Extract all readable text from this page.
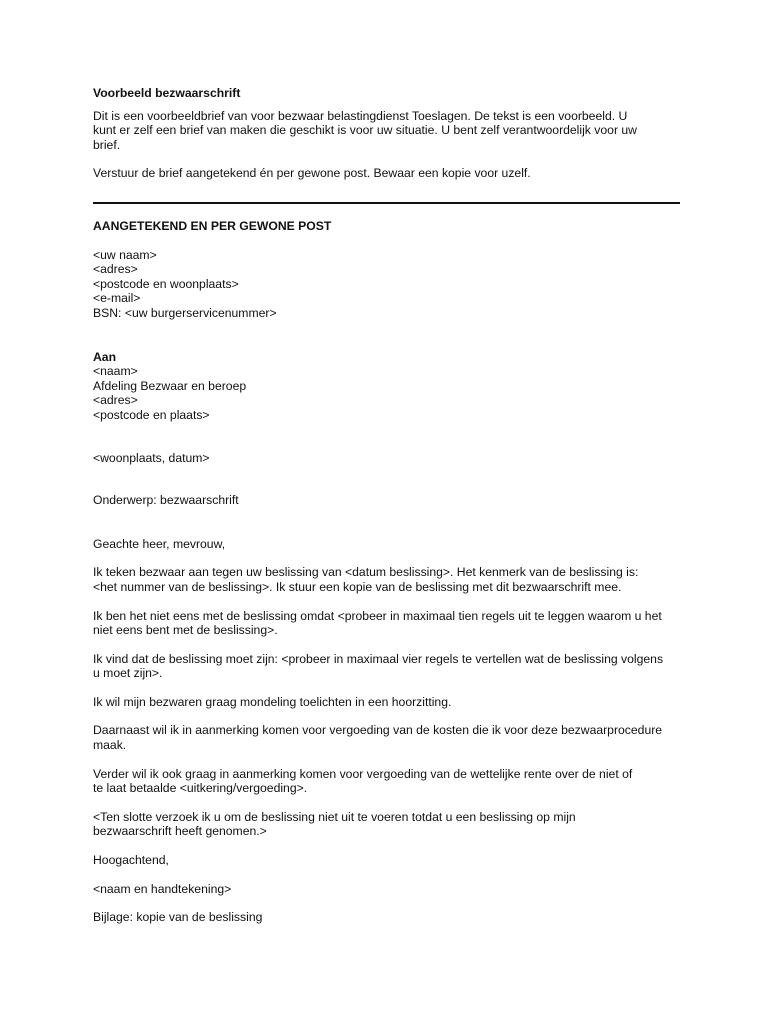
Voorbeeld bezwaarschrift

Dit is een voorbeeldbrief van voor bezwaar belastingdienst Toeslagen. De tekst is een voorbeeld. U
kunt er zelf een brief van maken die geschikt is voor uw situatie. U bent zelf verantwoordelijk voor uw
brief.

Verstuur de brief aangetekend én per gewone post. Bewaar een kopie voor uzelf.

AANGETEKEND EN PER GEWONE POST

<uw naam>
<adres>
<postcode en woonplaats>
<e-mail>
BSN: <uw burgerservicenummer>
Aan
<naam>
Afdeling Bezwaar en beroep
<adres>
<postcode en plaats>

<woonplaats, datum>

Onderwerp: bezwaarschrift

Geachte heer, mevrouw,

Ik teken bezwaar aan tegen uw beslissing van <datum beslissing>. Het kenmerk van de beslissing is:
<het nummer van de beslissing>. Ik stuur een kopie van de beslissing met dit bezwaarschrift mee.

Ik ben het niet eens met de beslissing omdat <probeer in maximaal tien regels uit te leggen waarom u het
niet eens bent met de beslissing>.

Ik vind dat de beslissing moet zijn: <probeer in maximaal vier regels te vertellen wat de beslissing volgens
u moet zijn>.

Ik wil mijn bezwaren graag mondeling toelichten in een hoorzitting.

Daarnaast wil ik in aanmerking komen voor vergoeding van de kosten die ik voor deze bezwaarprocedure
maak.

Verder wil ik ook graag in aanmerking komen voor vergoeding van de wettelijke rente over de niet of
te laat betaalde <uitkering/vergoeding>.

<Ten slotte verzoek ik u om de beslissing niet uit te voeren totdat u een beslissing op mijn
bezwaarschrift heeft genomen.>

Hoogachtend,

<naam en handtekening>

Bijlage: kopie van de beslissing
